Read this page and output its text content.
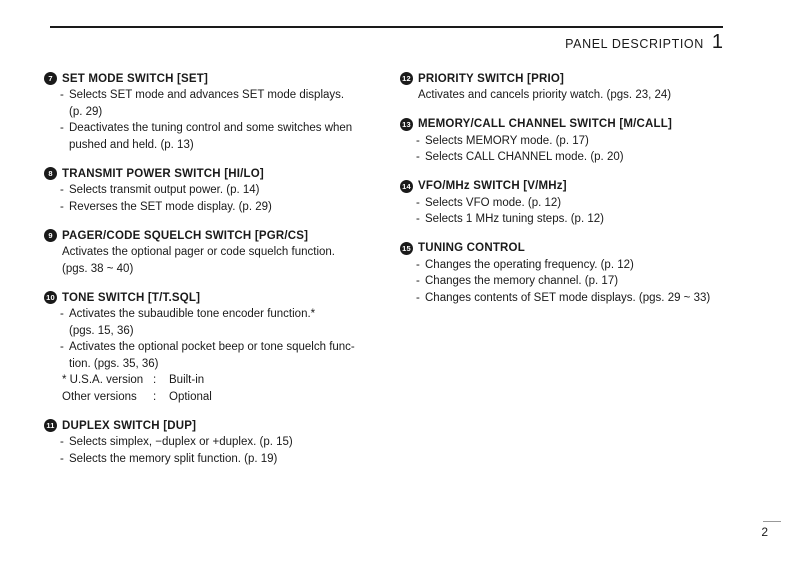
PANEL DESCRIPTION 1
7 SET MODE SWITCH [SET]
- Selects SET mode and advances SET mode displays.
(p. 29)
- Deactivates the tuning control and some switches when
pushed and held. (p. 13)
8 TRANSMIT POWER SWITCH [HI/LO]
- Selects transmit output power. (p. 14)
- Reverses the SET mode display. (p. 29)
9 PAGER/CODE SQUELCH SWITCH [PGR/CS]
Activates the optional pager or code squelch function.
(pgs. 38 ~ 40)
10 TONE SWITCH [T/T.SQL]
- Activates the subaudible tone encoder function.*
(pgs. 15, 36)
- Activates the optional pocket beep or tone squelch func-
tion. (pgs. 35, 36)
* U.S.A. version :	Built-in
Other versions	:	Optional
11 DUPLEX SWITCH [DUP]
- Selects simplex, −duplex or +duplex. (p. 15)
- Selects the memory split function. (p. 19)
12 PRIORITY SWITCH [PRIO]
Activates and cancels priority watch. (pgs. 23, 24)
13 MEMORY/CALL CHANNEL SWITCH [M/CALL]
- Selects MEMORY mode. (p. 17)
- Selects CALL CHANNEL mode. (p. 20)
14 VFO/MHz SWITCH [V/MHz]
- Selects VFO mode. (p. 12)
- Selects 1 MHz tuning steps. (p. 12)
15 TUNING CONTROL
- Changes the operating frequency. (p. 12)
- Changes the memory channel. (p. 17)
- Changes contents of SET mode displays. (pgs. 29 ~ 33)
2
